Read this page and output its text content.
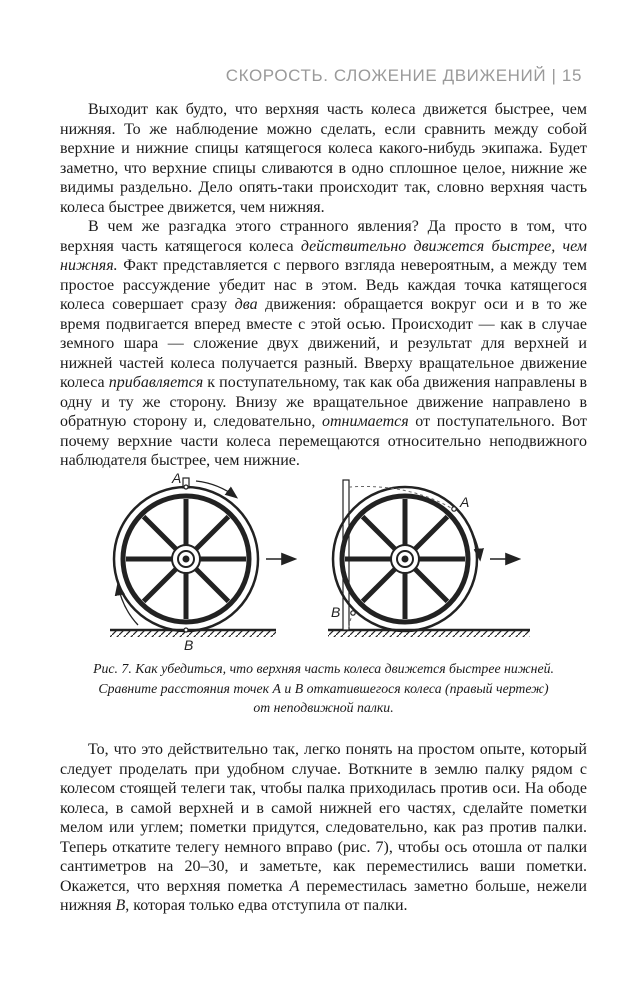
СКОРОСТЬ. СЛОЖЕНИЕ ДВИЖЕНИЙ | 15

Выходит как будто, что верхняя часть колеса движется быстрее, чем нижняя. То же наблюдение можно сделать, если сравнить между собой верхние и нижние спицы катящегося колеса какого-нибудь экипажа. Будет заметно, что верхние спицы сливаются в одно сплошное целое, нижние же видимы раздельно. Дело опять-таки происходит так, словно верхняя часть колеса быстрее движется, чем нижняя.

В чем же разгадка этого странного явления? Да просто в том, что верхняя часть катящегося колеса действительно движется быстрее, чем нижняя. Факт представляется с первого взгляда невероятным, а между тем простое рассуждение убедит нас в этом. Ведь каждая точка катящегося колеса совершает сразу два движения: обращается вокруг оси и в то же время подвигается вперед вместе с этой осью. Происходит — как в случае земного шара — сложение двух движений, и результат для верхней и нижней частей колеса получается разный. Вверху вращательное движение колеса прибавляется к поступательному, так как оба движения направлены в одну и ту же сторону. Внизу же вращательное движение направлено в обратную сторону и, следовательно, отнимается от поступательного. Вот почему верхние части колеса перемещаются относительно неподвижного наблюдателя быстрее, чем нижние.

A
B
A
B
Рис. 7. Как убедиться, что верхняя часть колеса движется быстрее нижней.
Сравните расстояния точек А и В откатившегося колеса (правый чертеж)
от неподвижной палки.

То, что это действительно так, легко понять на простом опыте, который следует проделать при удобном случае. Воткните в землю палку рядом с колесом стоящей телеги так, чтобы палка приходилась против оси. На ободе колеса, в самой верхней и в самой нижней его частях, сделайте пометки мелом или углем; пометки придутся, следовательно, как раз против палки. Теперь откатите телегу немного вправо (рис. 7), чтобы ось отошла от палки сантиметров на 20–30, и заметьте, как переместились ваши пометки. Окажется, что верхняя пометка А переместилась заметно больше, нежели нижняя В, которая только едва отступила от палки.
